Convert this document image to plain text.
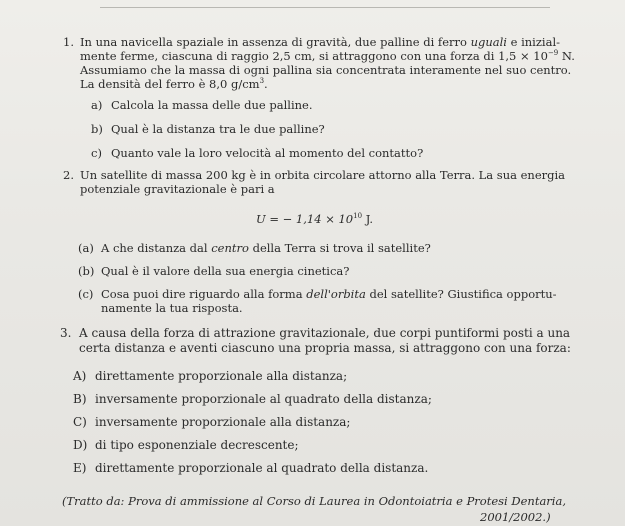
1. In una navicella spaziale in assenza di gravità, due palline di ferro uguali e inizial-
mente ferme, ciascuna di raggio 2,5 cm, si attraggono con una forza di $1,5 \times 10^{-9}$ N.
Assumiamo che la massa di ogni pallina sia concentrata interamente nel suo centro.
La densità del ferro è 8,0 $g/cm^3$.
a) Calcola la massa delle due palline.
b) Qual è la distanza tra le due palline?
c) Quanto vale la loro velocità al momento del contatto?
2. Un satellite di massa 200 kg è in orbita circolare attorno alla Terra. La sua energia
potenziale gravitazionale è pari a
U = − $1,14 \times 10^{10}$ J.
(a) A che distanza dal centro della Terra si trova il satellite?
(b) Qual è il valore della sua energia cinetica?
(c) Cosa puoi dire riguardo alla forma dell'orbita del satellite? Giustifica opportu-
namente la tua risposta.
3. A causa della forza di attrazione gravitazionale, due corpi puntiformi posti a una
certa distanza e aventi ciascuno una propria massa, si attraggono con una forza:
A) direttamente proporzionale alla distanza;
B) inversamente proporzionale al quadrato della distanza;
C) inversamente proporzionale alla distanza;
D) di tipo esponenziale decrescente;
E) direttamente proporzionale al quadrato della distanza.
(Tratto da: Prova di ammissione al Corso di Laurea in Odontoiatria e Protesi Dentaria,
2001/2002.)
